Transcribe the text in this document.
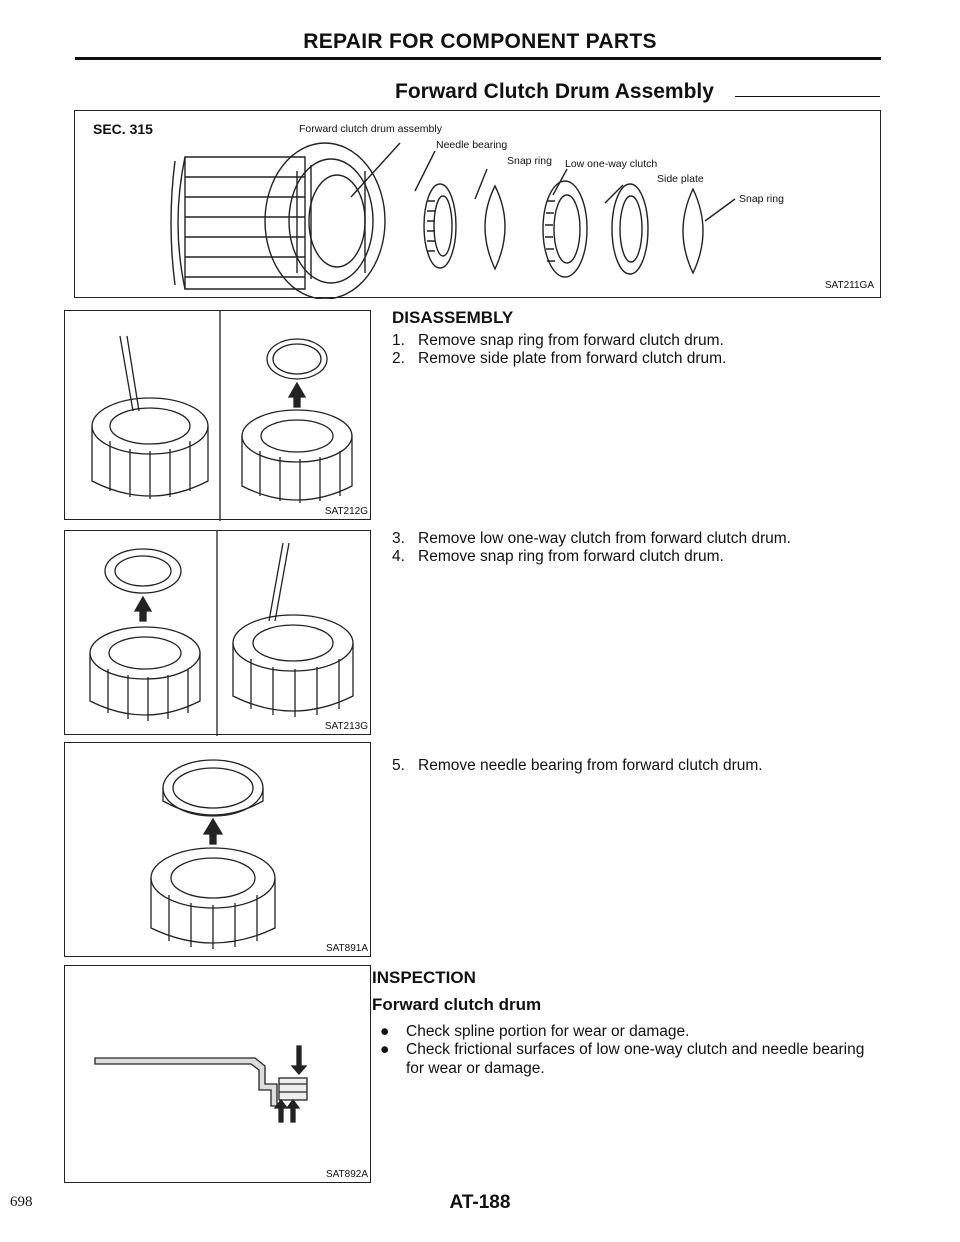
REPAIR FOR COMPONENT PARTS
Forward Clutch Drum Assembly
SEC. 315	Forward clutch drum assembly
Needle bearing
Snap ring Low one-way clutch
Side plate
Snap ring
SAT211GA
SAT212G
SAT213G
SAT891A
SAT892A
DISASSEMBLY
1. Remove snap ring from forward clutch drum.
2. Remove side plate from forward clutch drum.
3. Remove low one-way clutch from forward clutch drum.
4. Remove snap ring from forward clutch drum.
5. Remove needle bearing from forward clutch drum.
INSPECTION
Forward clutch drum
● Check spline portion for wear or damage.
● Check frictional surfaces of low one-way clutch and needle bearing for wear or damage.
698	AT-188
